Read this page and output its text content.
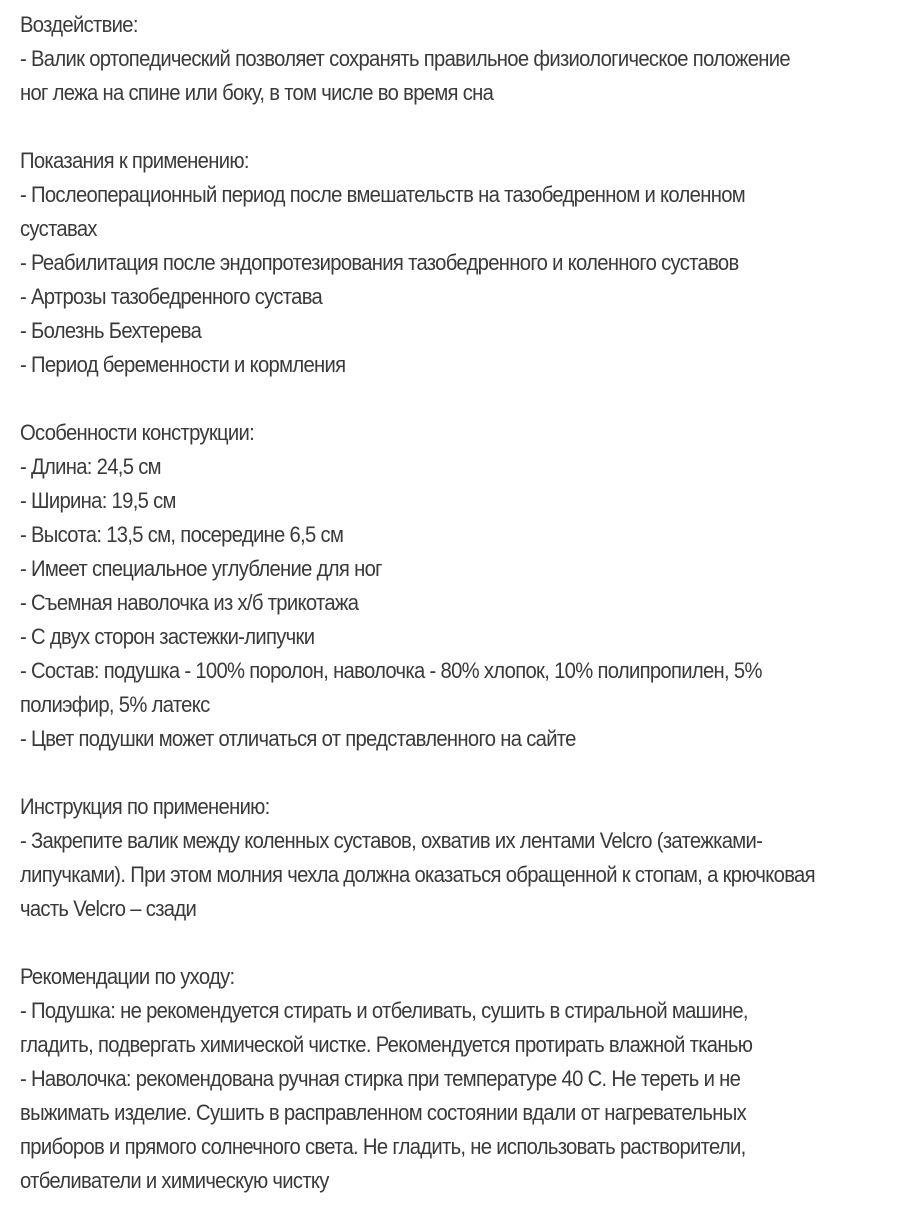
Воздействие:

- Валик ортопедический позволяет сохранять правильное физиологическое положение

ног лежа на спине или боку, в том числе во время сна

Показания к применению:

- Послеоперационный период после вмешательств на тазобедренном и коленном

суставах

- Реабилитация после эндопротезирования тазобедренного и коленного суставов

- Артрозы тазобедренного сустава

- Болезнь Бехтерева

- Период беременности и кормления

Особенности конструкции:

- Длина: 24,5 см

- Ширина: 19,5 см

- Высота: 13,5 см, посередине 6,5 см

- Имеет специальное углубление для ног

- Съемная наволочка из х/б трикотажа

- С двух сторон застежки-липучки

- Состав: подушка - 100% поролон, наволочка - 80% хлопок, 10% полипропилен, 5%

полиэфир, 5% латекс

- Цвет подушки может отличаться от представленного на сайте

Инструкция по применению:

- Закрепите валик между коленных суставов, охватив их лентами Velcro (затежками-

липучками). При этом молния чехла должна оказаться обращенной к стопам, а крючковая

часть Velcro – сзади

Рекомендации по уходу:

- Подушка: не рекомендуется стирать и отбеливать, сушить в стиральной машине,

гладить, подвергать химической чистке. Рекомендуется протирать влажной тканью

- Наволочка: рекомендована ручная стирка при температуре 40 С. Не тереть и не

выжимать изделие. Сушить в расправленном состоянии вдали от нагревательных

приборов и прямого солнечного света. Не гладить, не использовать растворители,

отбеливатели и химическую чистку
